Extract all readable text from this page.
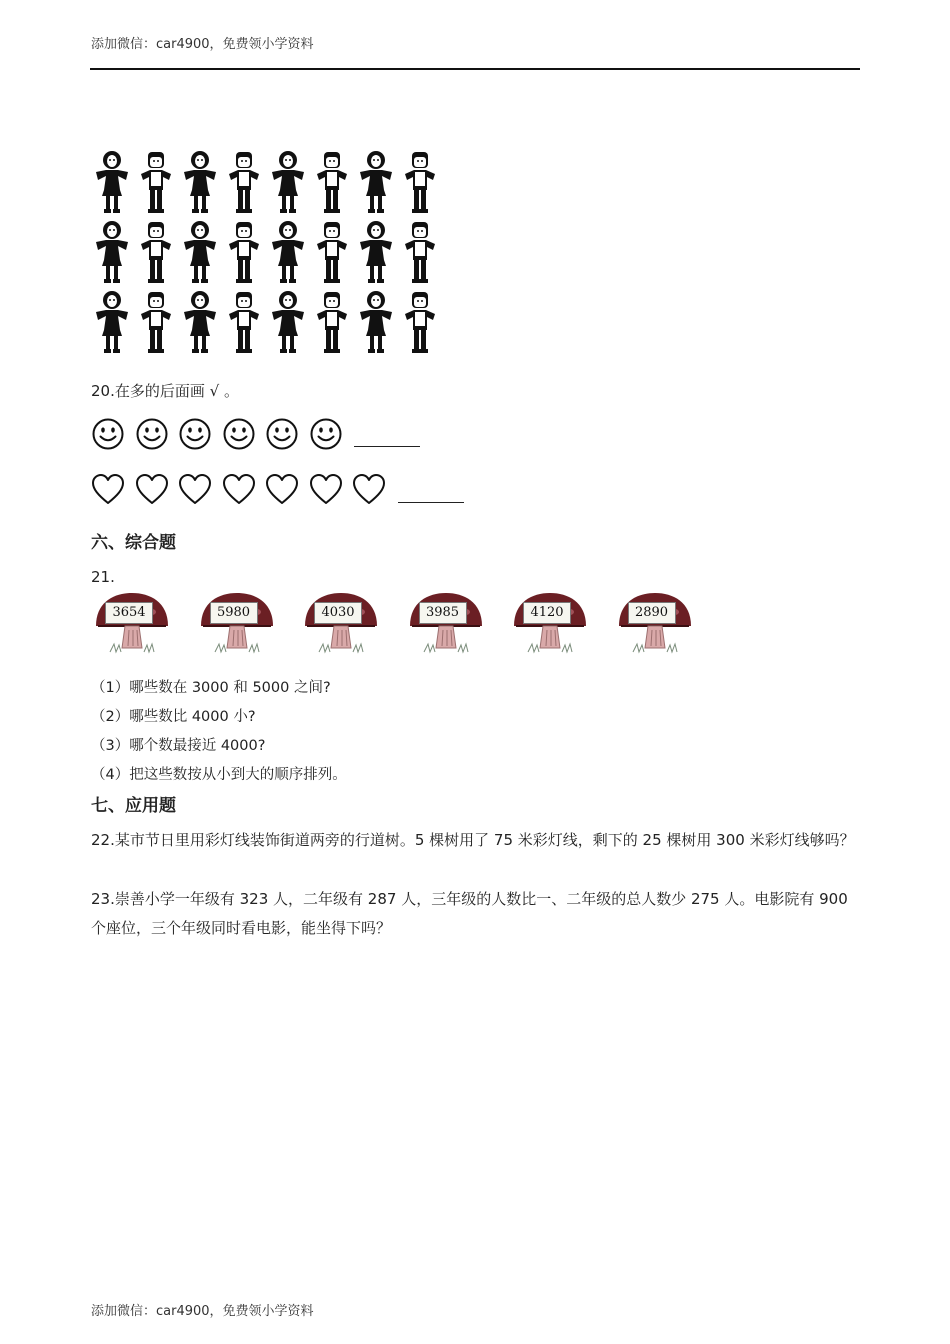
添加微信：car4900，免费领小学资料
20.在多的后面画 √ 。
六、综合题
21.
3654	5980	4030	3985	4120	2890
（1）哪些数在 3000 和 5000 之间?
（2）哪些数比 4000 小?
（3）哪个数最接近 4000?
（4）把这些数按从小到大的顺序排列。
七、应用题
22.某市节日里用彩灯线装饰街道两旁的行道树。5 棵树用了 75 米彩灯线，剩下的 25 棵树用 300 米彩灯线够吗？
23.崇善小学一年级有 323 人，二年级有 287 人，三年级的人数比一、二年级的总人数少 275 人。电影院有 900 个座位，三个年级同时看电影，能坐得下吗？
添加微信：car4900，免费领小学资料
